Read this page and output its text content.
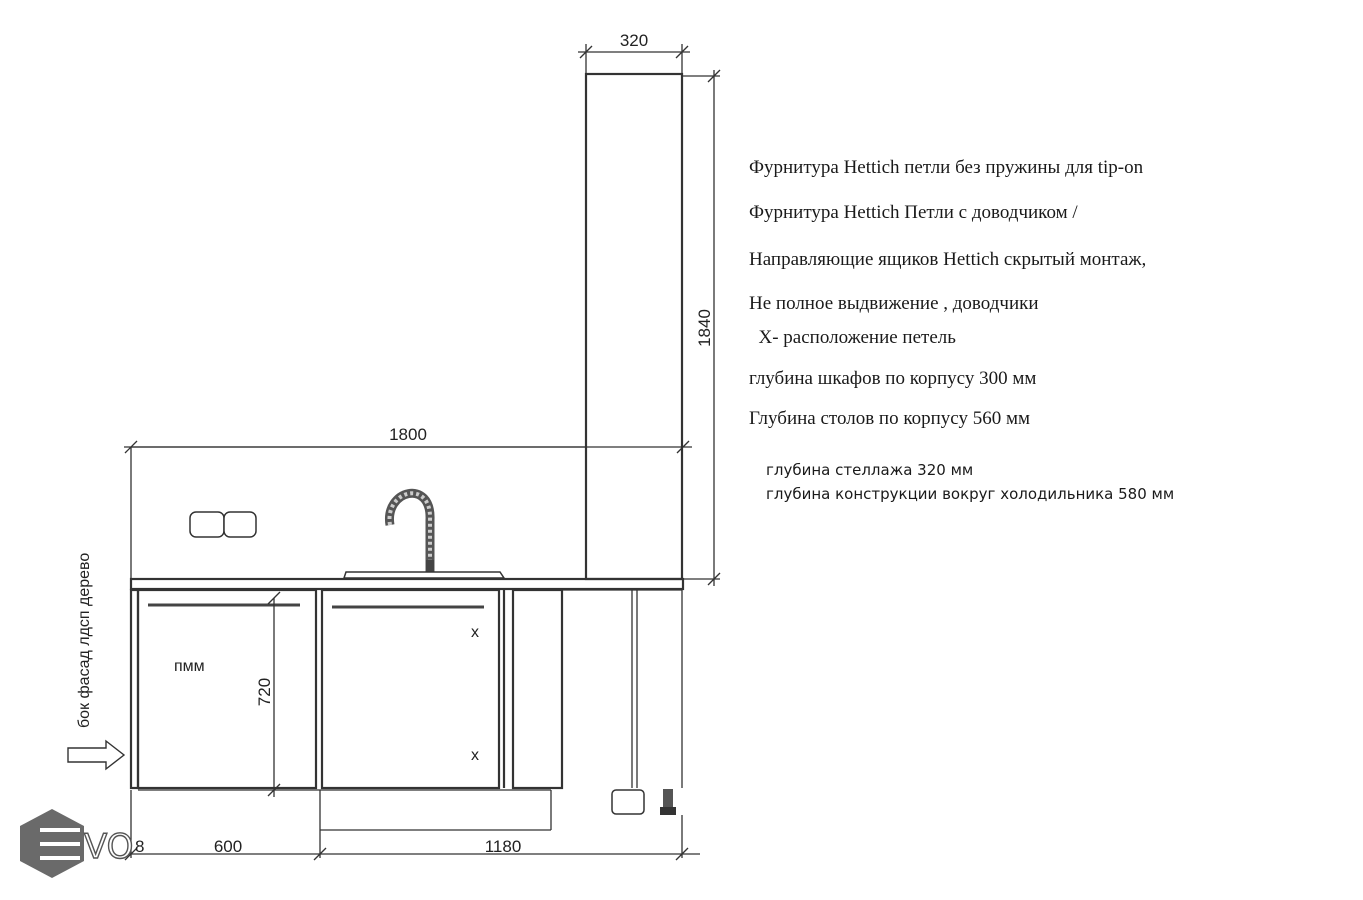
320
1840
1800
x
x
пмм
720
600	1180
бок фасад лдсп дерево
VO 8
Фурнитура Hettich петли без пружины для tip-on
Фурнитура Hettich Петли с доводчиком /
Направляющие ящиков Hettich скрытый монтаж,
Не полное выдвижение , доводчики
X- расположение петель
глубина шкафов по корпусу 300 мм
Глубина столов по корпусу 560 мм
глубина стеллажа 320 мм
глубина конструкции вокруг холодильника 580 мм
